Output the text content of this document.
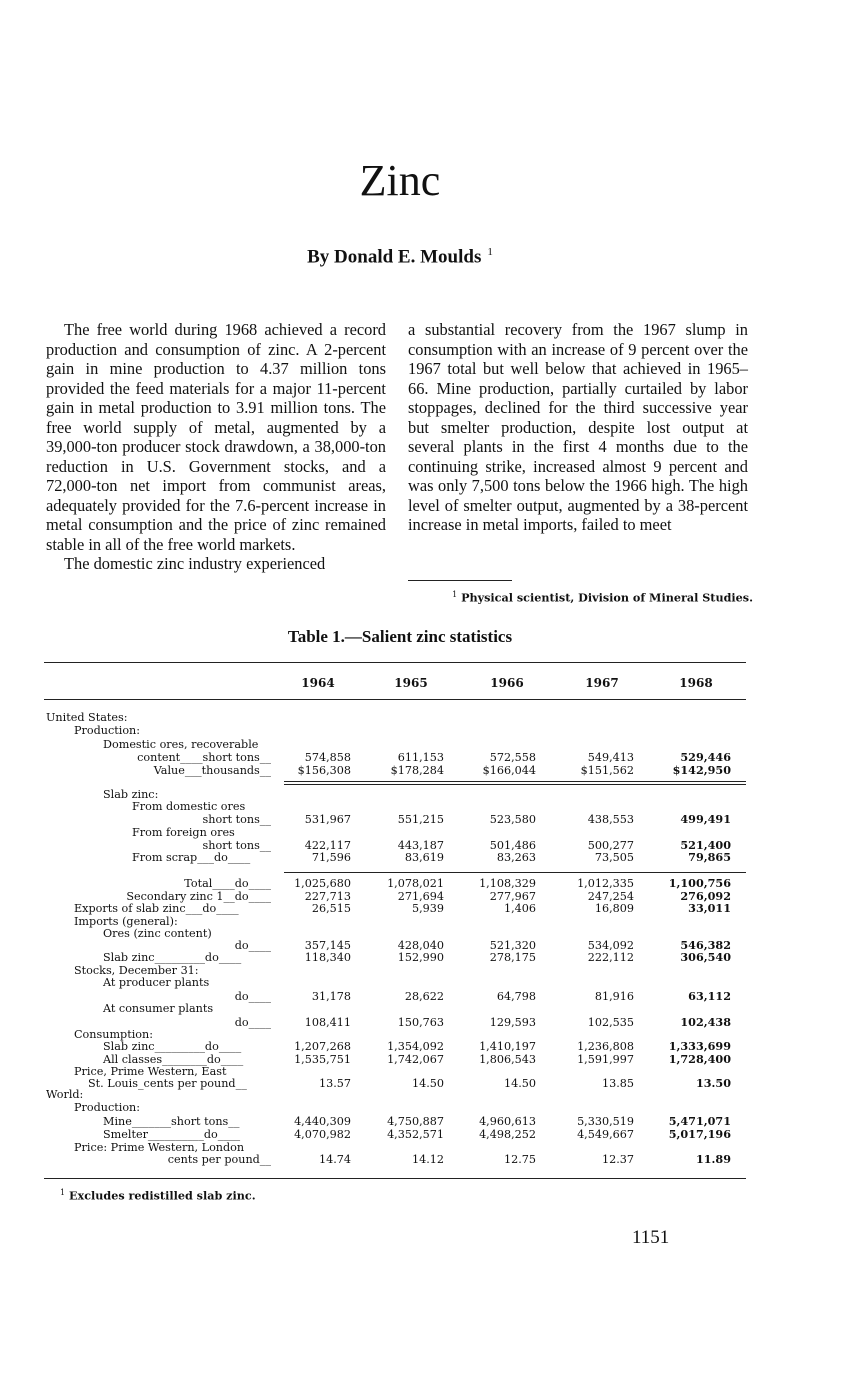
Zinc
By Donald E. Moulds $^1$

The free world during 1968 achieved a record production and consumption of zinc. A 2-percent gain in mine production to 4.37 million tons provided the feed materials for a major 11-percent gain in metal production to 3.91 million tons. The free world supply of metal, augmented by a 39,000-ton producer stock drawdown, a 38,000-ton reduction in U.S. Government stocks, and a 72,000-ton net import from communist areas, adequately provided for the 7.6-percent increase in metal consumption and the price of zinc remained stable in all of the free world markets.

The domestic zinc industry experienced

a substantial recovery from the 1967 slump in consumption with an increase of 9 percent over the 1967 total but well below that achieved in 1965–66. Mine production, partially curtailed by labor stoppages, declined for the third successive year but smelter production, despite lost output at several plants in the first 4 months due to the continuing strike, increased almost 9 percent and was only 7,500 tons below the 1966 high. The high level of smelter output, augmented by a 38-percent increase in metal imports, failed to meet

$^1$ Physical scientist, Division of Mineral Studies.
Table 1.—Salient zinc statistics
1964	1965	1966	1967	1968
United States:
Production:
Domestic ores, recoverable
content____short tons__	574,858	611,153	572,558	549,413	529,446
Value___thousands__ $156,308	$178,284	$166,044	$151,562	$142,950
Slab zinc:
From domestic ores
short tons__	531,967	551,215	523,580	438,553	499,491
From foreign ores
short tons__	422,117	443,187	501,486	500,277	521,400
From scrap___do____	71,596	83,619	83,263	73,505	79,865
Total____do____ 1,025,680	1,078,021	1,108,329	1,012,335	1,100,756
Secondary zinc 1__do____	227,713	271,694	277,967	247,254	276,092
Exports of slab zinc___do____	26,515	5,939	1,406	16,809	33,011
Imports (general):
Ores (zinc content)
do____	357,145	428,040	521,320	534,092	546,382
Slab zinc_________do____	118,340	152,990	278,175	222,112	306,540
Stocks, December 31:
At producer plants
do____	31,178	28,622	64,798	81,916	63,112
At consumer plants
do____	108,411	150,763	129,593	102,535	102,438
Consumption:
Slab zinc_________do____	1,207,268	1,354,092	1,410,197	1,236,808	1,333,699
All classes________do____	1,535,751	1,742,067	1,806,543	1,591,997	1,728,400
Price, Prime Western, East
St. Louis_cents per pound__	13.57	14.50	14.50	13.85	13.50
World:
Production:
Mine_______short tons__	4,440,309	4,750,887	4,960,613	5,330,519	5,471,071
Smelter__________do____	4,070,982	4,352,571	4,498,252	4,549,667	5,017,196
Price: Prime Western, London
cents per pound__	14.74	14.12	12.75	12.37	11.89
$^1$ Excludes redistilled slab zinc.
1151
